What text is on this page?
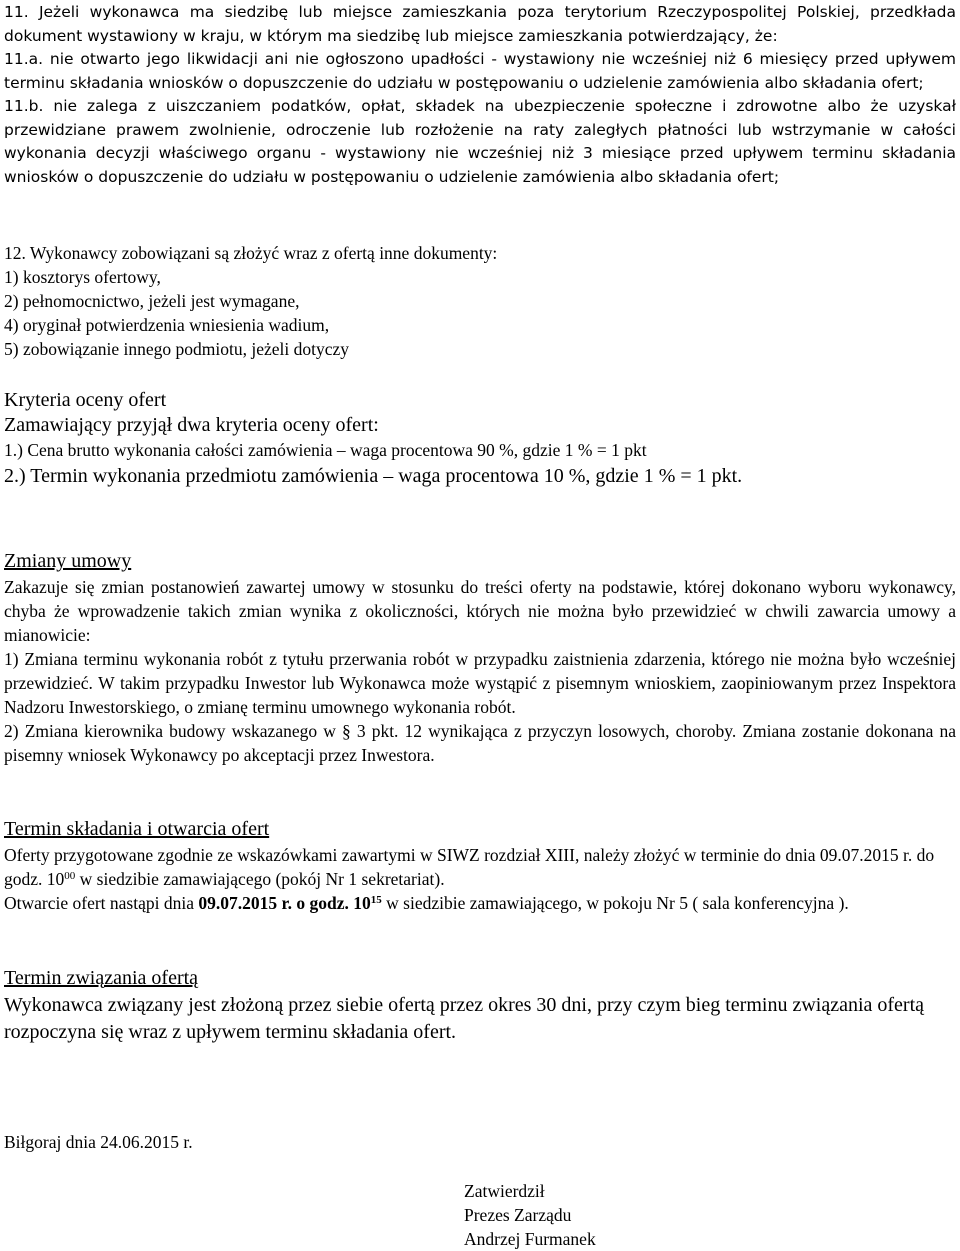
11. Jeżeli wykonawca ma siedzibę lub miejsce zamieszkania poza terytorium Rzeczypospolitej Polskiej, przedkłada dokument wystawiony w kraju, w którym ma siedzibę lub miejsce zamieszkania potwierdzający, że:

11.a. nie otwarto jego likwidacji ani nie ogłoszono upadłości - wystawiony nie wcześniej niż 6 miesięcy przed upływem terminu składania wniosków o dopuszczenie do udziału w postępowaniu o udzielenie zamówienia albo składania ofert;

11.b. nie zalega z uiszczaniem podatków, opłat, składek na ubezpieczenie społeczne i zdrowotne albo że uzyskał przewidziane prawem zwolnienie, odroczenie lub rozłożenie na raty zaległych płatności lub wstrzymanie w całości wykonania decyzji właściwego organu - wystawiony nie wcześniej niż 3 miesiące przed upływem terminu składania wniosków o dopuszczenie do udziału w postępowaniu o udzielenie zamówienia albo składania ofert;

12. Wykonawcy zobowiązani są złożyć wraz z ofertą inne dokumenty:

1) kosztorys ofertowy,

2) pełnomocnictwo, jeżeli jest wymagane,

4) oryginał potwierdzenia wniesienia wadium,

5) zobowiązanie innego podmiotu, jeżeli dotyczy

Kryteria oceny ofert

Zamawiający przyjął dwa kryteria oceny ofert:

1.) Cena brutto wykonania całości zamówienia – waga procentowa 90 %, gdzie 1 % = 1 pkt

2.) Termin wykonania przedmiotu zamówienia – waga procentowa 10 %, gdzie 1 % = 1 pkt.

Zmiany umowy

Zakazuje się zmian postanowień zawartej umowy w stosunku do treści oferty na podstawie, której dokonano wyboru wykonawcy, chyba że wprowadzenie takich zmian wynika z okoliczności, których nie można było przewidzieć w chwili zawarcia umowy a mianowicie:

1) Zmiana terminu wykonania robót z tytułu przerwania robót w przypadku zaistnienia zdarzenia, którego nie można było wcześniej przewidzieć. W takim przypadku Inwestor lub Wykonawca może wystąpić z pisemnym wnioskiem, zaopiniowanym przez Inspektora Nadzoru Inwestorskiego, o zmianę terminu umownego wykonania robót.

2) Zmiana kierownika budowy wskazanego w § 3 pkt. 12 wynikająca z przyczyn losowych, choroby. Zmiana zostanie dokonana na pisemny wniosek Wykonawcy po akceptacji przez Inwestora.

Termin składania i otwarcia ofert

Oferty przygotowane zgodnie ze wskazówkami zawartymi w SIWZ rozdział XIII, należy złożyć w terminie do dnia 09.07.2015 r. do godz. $10^{00}$ w siedzibie zamawiającego (pokój Nr 1 sekretariat).

Otwarcie ofert nastąpi dnia 09.07.2015 r. o godz. $10^{15}$ w siedzibie zamawiającego, w pokoju Nr 5 ( sala konferencyjna ).

Termin związania ofertą

Wykonawca związany jest złożoną przez siebie ofertą przez okres 30 dni, przy czym bieg terminu związania ofertą rozpoczyna się wraz z upływem terminu składania ofert.

Biłgoraj dnia 24.06.2015 r.

Zatwierdził

Prezes Zarządu

Andrzej Furmanek
